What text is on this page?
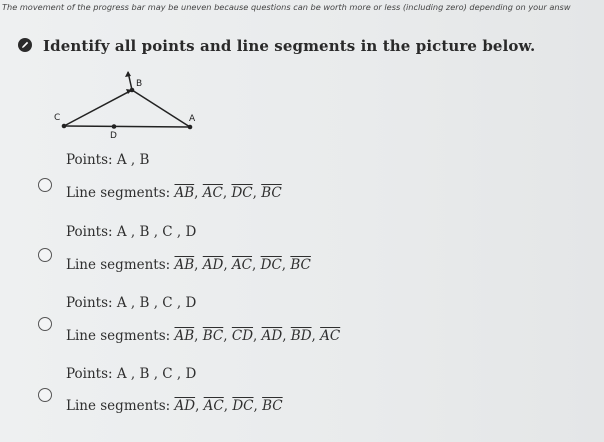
The movement of the progress bar may be uneven because questions can be worth more or less (including zero) depending on your answ
Identify all points and line segments in the picture below.
B
C
D
A
Points: A , B
Line segments: $\overline{AB}$, $\overline{AC}$, $\overline{DC}$, $\overline{BC}$
Points: A , B , C , D
Line segments: $\overline{AB}$, $\overline{AD}$, $\overline{AC}$, $\overline{DC}$, $\overline{BC}$
Points: A , B , C , D
Line segments: $\overline{AB}$, $\overline{BC}$, $\overline{CD}$, $\overline{AD}$, $\overline{BD}$, $\overline{AC}$
Points: A , B , C , D
Line segments: $\overline{AD}$, $\overline{AC}$, $\overline{DC}$, $\overline{BC}$
